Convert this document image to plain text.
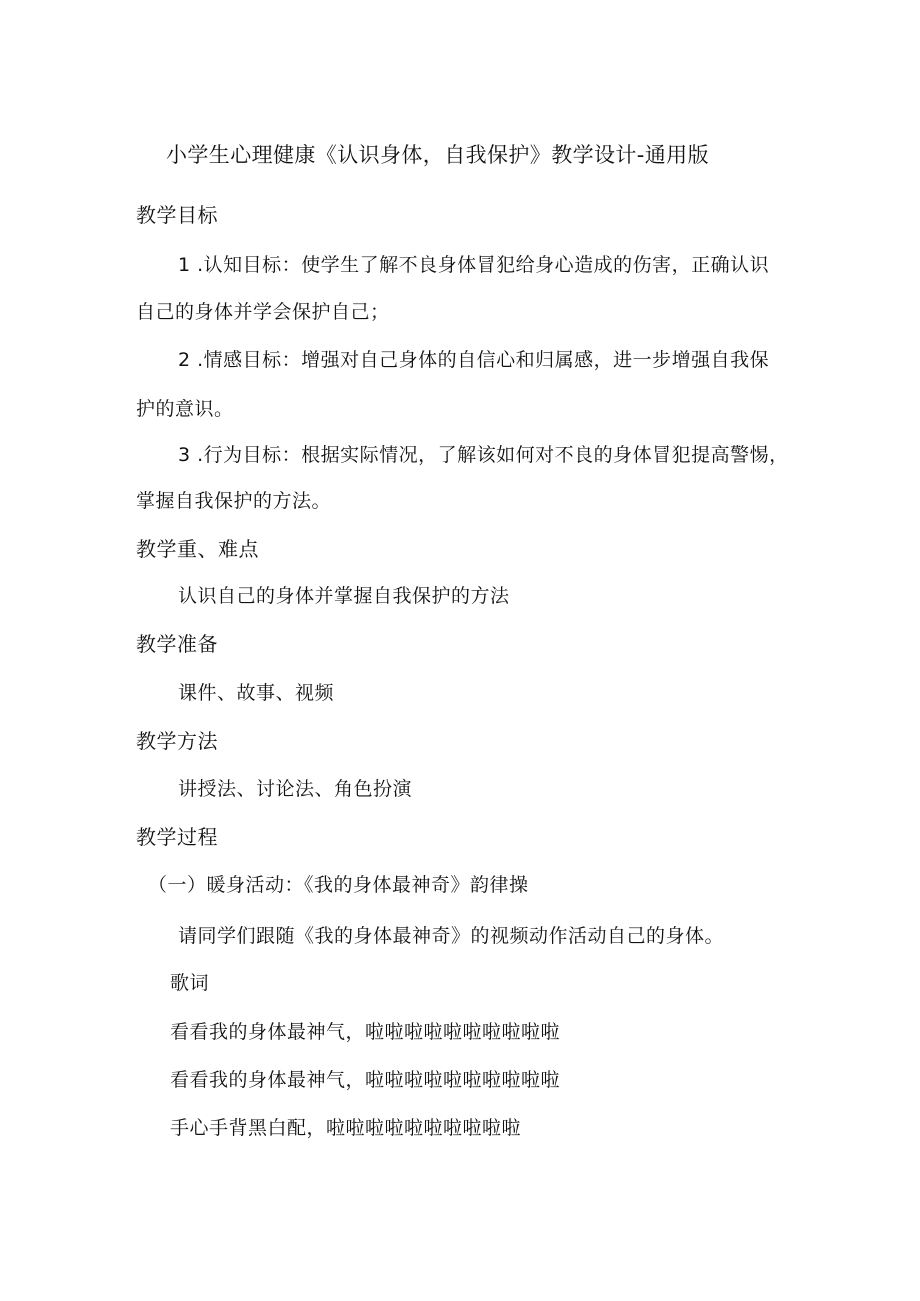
小学生心理健康《认识身体，自我保护》教学设计-通用版
教学目标
1 .认知目标：使学生了解不良身体冒犯给身心造成的伤害，正确认识
自己的身体并学会保护自己；
2 .情感目标：增强对自己身体的自信心和归属感，进一步增强自我保
护的意识。
3 .行为目标：根据实际情况，了解该如何对不良的身体冒犯提高警惕，
掌握自我保护的方法。
教学重、难点
认识自己的身体并掌握自我保护的方法
教学准备
课件、故事、视频
教学方法
讲授法、讨论法、角色扮演
教学过程
（一）暖身活动：《我的身体最神奇》韵律操
请同学们跟随《我的身体最神奇》的视频动作活动自己的身体。
歌词
看看我的身体最神气，啦啦啦啦啦啦啦啦啦啦
看看我的身体最神气，啦啦啦啦啦啦啦啦啦啦
手心手背黑白配，啦啦啦啦啦啦啦啦啦啦
